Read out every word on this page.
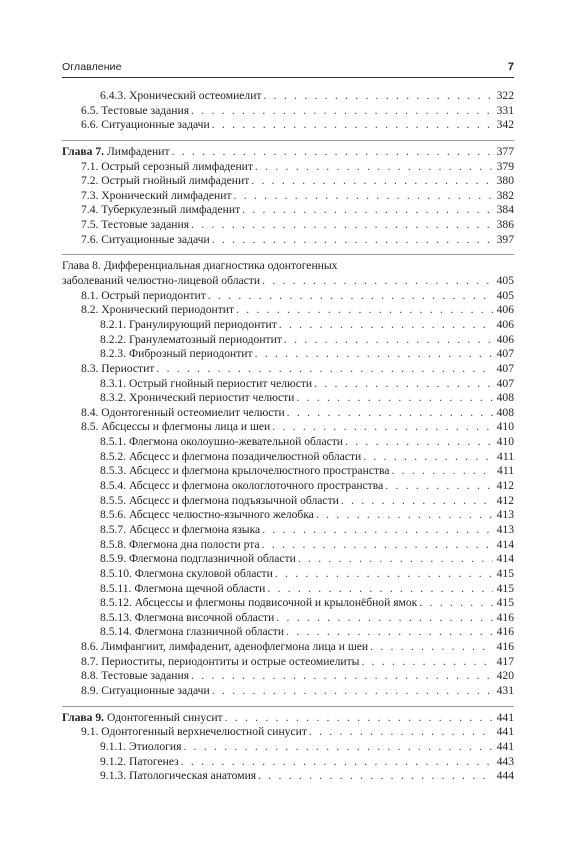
Оглавление	7
6.4.3. Хронический остеомиелит . . .	322
6.5. Тестовые задания . . .	331
6.6. Ситуационные задачи . . .	342
Глава 7. Лимфаденит . . .	377
7.1. Острый серозный лимфаденит . . .	379
7.2. Острый гнойный лимфаденит . . .	380
7.3. Хронический лимфаденит . . .	382
7.4. Туберкулезный лимфаденит . . .	384
7.5. Тестовые задания . . .	386
7.6. Ситуационные задачи . . .	397
Глава 8. Дифференциальная диагностика одонтогенных
заболеваний челюстно-лицевой области . . .	405
8.1. Острый периодонтит . . .	405
8.2. Хронический периодонтит . . .	406
8.2.1. Гранулирующий периодонтит . . .	406
8.2.2. Гранулематозный периодонтит . . .	406
8.2.3. Фиброзный периодонтит . . .	407
8.3. Периостит . . .	407
8.3.1. Острый гнойный периостит челюсти . . .	407
8.3.2. Хронический периостит челюсти . . .	408
8.4. Одонтогенный остеомиелит челюсти . . .	408
8.5. Абсцессы и флегмоны лица и шеи . . .	410
8.5.1. Флегмона околоушно-жевательной области . . .	410
8.5.2. Абсцесс и флегмона позадичелюстной области . . .	411
8.5.3. Абсцесс и флегмона крылочелюстного пространства . . .	411
8.5.4. Абсцесс и флегмона окологлоточного пространства . . .	412
8.5.5. Абсцесс и флегмона подъязычной области . . .	412
8.5.6. Абсцесс челюстно-язычного желобка . . .	413
8.5.7. Абсцесс и флегмона языка . . .	413
8.5.8. Флегмона дна полости рта . . .	414
8.5.9. Флегмона подглазничной области . . .	414
8.5.10. Флегмона скуловой области . . .	415
8.5.11. Флегмона щечной области . . .	415
8.5.12. Абсцессы и флегмоны подвисочной и крылонёбной ямок . . .	415
8.5.13. Флегмона височной области . . .	416
8.5.14. Флегмона глазничной области . . .	416
8.6. Лимфангиит, лимфаденит, аденофлегмона лица и шеи . . .	416
8.7. Периоститы, периодонтиты и острые остеомиелиты . . .	417
8.8. Тестовые задания . . .	420
8.9. Ситуационные задачи . . .	431
Глава 9. Одонтогенный синусит . . .	441
9.1. Одонтогенный верхнечелюстной синусит . . .	441
9.1.1. Этиология . . .	441
9.1.2. Патогенез . . .	443
9.1.3. Патологическая анатомия . . .	444
